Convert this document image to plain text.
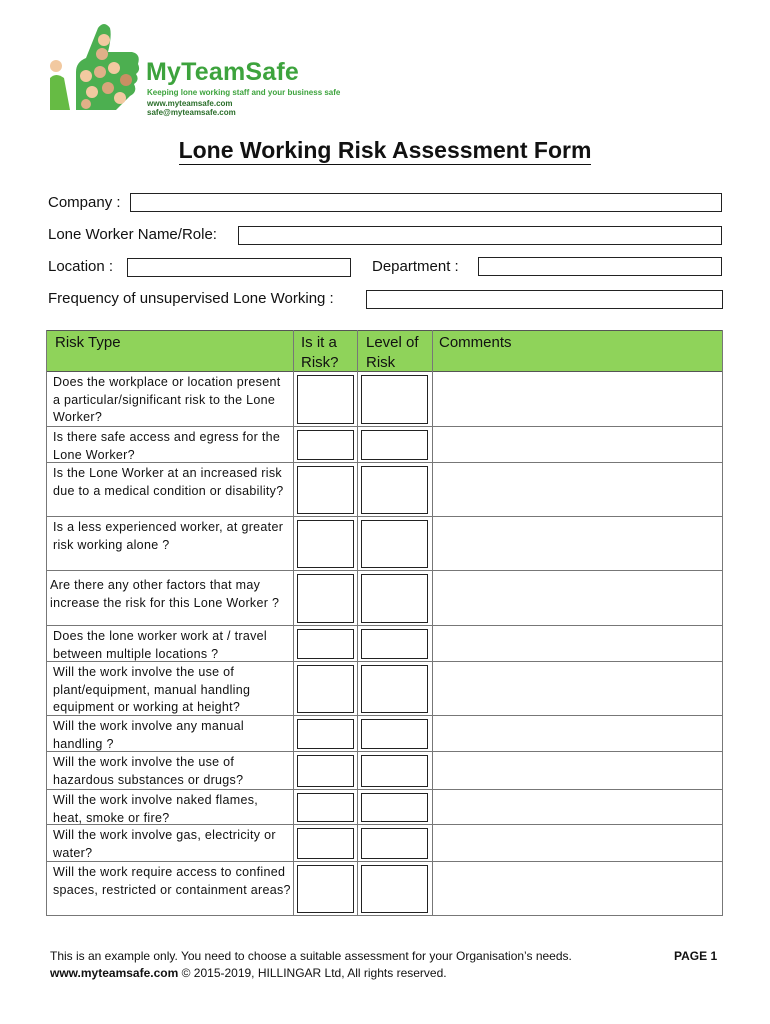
MyTeamSafe
Keeping lone working staff and your business safe
www.myteamsafe.com safe@myteamsafe.com
Lone Working Risk Assessment Form
Company :
Lone Worker Name/Role:
Location :	Department :
Frequency of unsupervised Lone Working :
Risk Type	Is it a
Risk?
Level of
Risk
Comments
Does the workplace or location present a particular/significant risk to the Lone Worker?
Is there safe access and egress for the Lone Worker?
Is the Lone Worker at an increased risk due to a medical condition or disability?
Is a less experienced worker, at greater risk working alone ?
Are there any other factors that may increase the risk for this Lone Worker ?
Does the lone worker work at / travel between multiple locations ?
Will the work involve the use of plant/equipment, manual handling equipment or working at height?
Will the work involve any manual handling ?
Will the work involve the use of hazardous substances or drugs?
Will the work involve naked flames, heat, smoke or fire?
Will the work involve gas, electricity or water?
Will the work require access to confined spaces, restricted or containment areas?
This is an example only. You need to choose a suitable assessment for your Organisation’s needs.
www.myteamsafe.com © 2015-2019, HILLINGAR Ltd, All rights reserved.
PAGE 1
